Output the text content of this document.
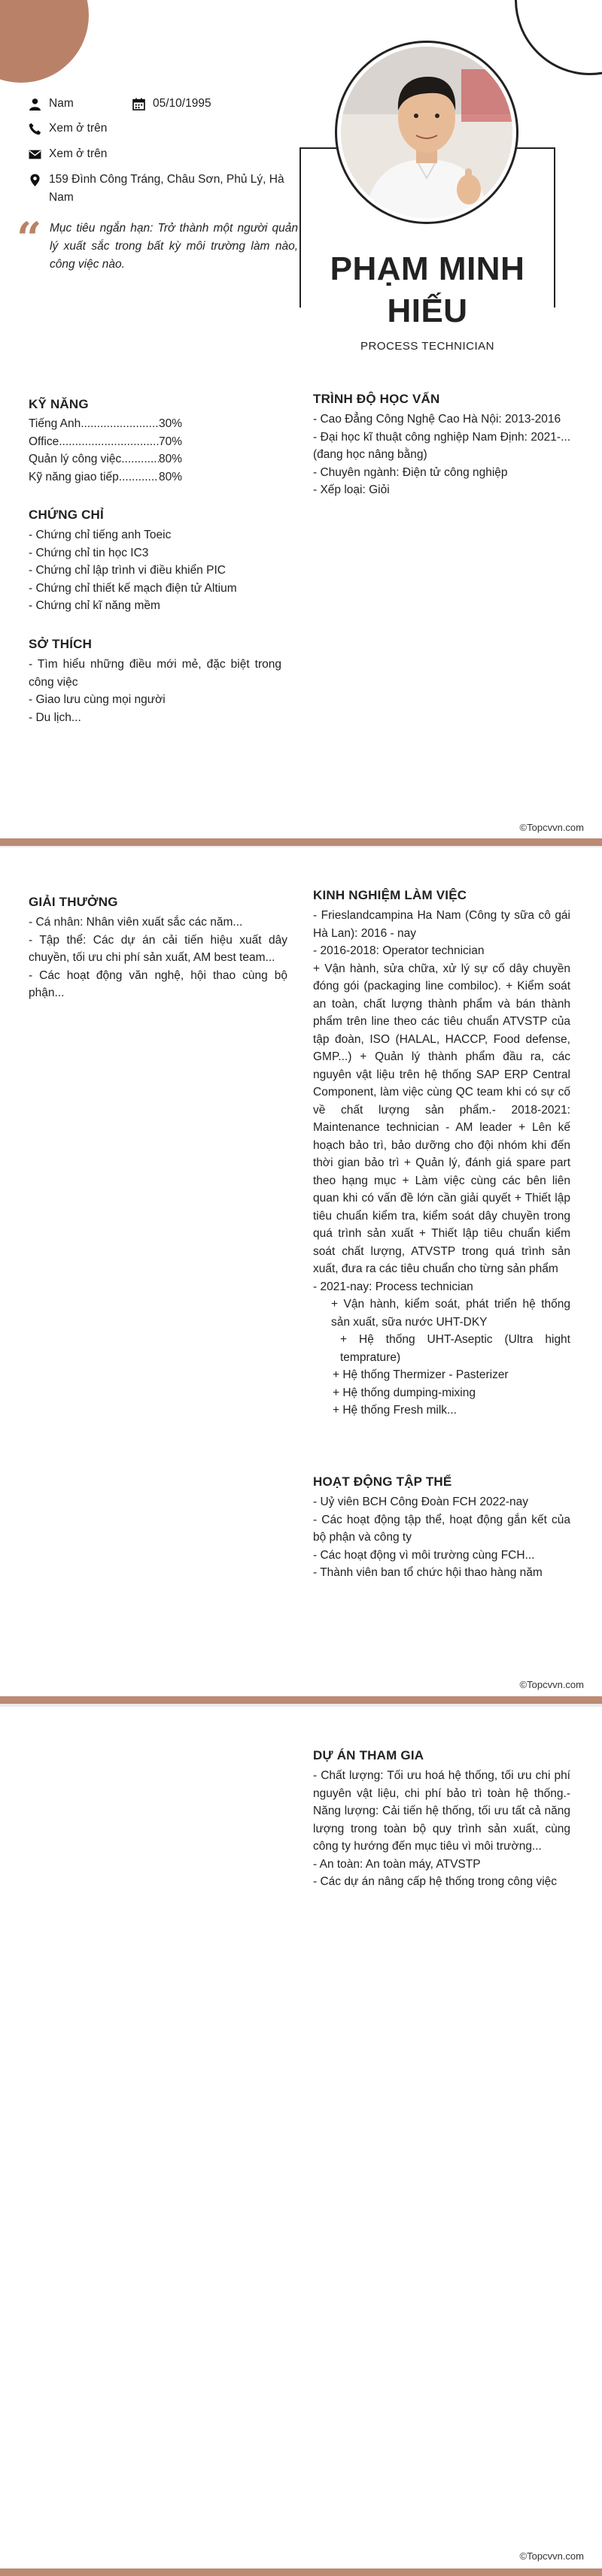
Nam	05/10/1995
Xem ở trên
Xem ở trên
159 Đình Công Tráng, Châu Sơn, Phủ Lý, Hà Nam
“ Mục tiêu ngắn hạn: Trở thành một người quản lý xuất sắc trong bất kỳ môi trường làm nào, công việc nào.	PHẠM MINH
HIẾU
PROCESS TECHNICIAN
KỸ NĂNG
Tiếng Anh .....	30%
Office .....	70%
Quản lý công việc .....	80%
Kỹ năng giao tiếp .....	80%
CHỨNG CHỈ

- Chứng chỉ tiếng anh Toeic

- Chứng chỉ tin học IC3

- Chứng chỉ lập trình vi điều khiển PIC

- Chứng chỉ thiết kế mạch điện tử Altium

- Chứng chỉ kĩ năng mềm

SỞ THÍCH

- Tìm hiểu những điều mới mẻ, đặc biệt trong công việc

- Giao lưu cùng mọi người

- Du lịch...

TRÌNH ĐỘ HỌC VẤN

- Cao Đẳng Công Nghệ Cao Hà Nội: 2013-2016

- Đại học kĩ thuật công nghiệp Nam Định: 2021-... (đang học nâng bằng)

- Chuyên ngành: Điện tử công nghiệp

- Xếp loại: Giỏi

©Topcvvn.com
GIẢI THƯỞNG

- Cá nhân: Nhân viên xuất sắc các năm...

- Tập thể: Các dự án cải tiến hiệu xuất dây chuyền, tối ưu chi phí sản xuất, AM best team...

- Các hoạt động văn nghệ, hội thao cùng bộ phận...

KINH NGHIỆM LÀM VIỆC

- Frieslandcampina Ha Nam (Công ty sữa cô gái Hà Lan): 2016 - nay

- 2016-2018: Operator technician

+ Vận hành, sửa chữa, xử lý sự cố dây chuyền đóng gói (packaging line combiloc). + Kiểm soát an toàn, chất lượng thành phẩm và bán thành phẩm trên line theo các tiêu chuẩn ATVSTP của tập đoàn, ISO (HALAL, HACCP, Food defense, GMP...) + Quản lý thành phẩm đầu ra, các nguyên vật liệu trên hệ thống SAP ERP Central Component, làm việc cùng QC team khi có sự cố về chất lượng sản phẩm.- 2018-2021: Maintenance technician - AM leader + Lên kế hoạch bảo trì, bảo dưỡng cho đội nhóm khi đến thời gian bảo trì + Quản lý, đánh giá spare part theo hạng mục + Làm việc cùng các bên liên quan khi có vấn đề lớn cần giải quyết + Thiết lập tiêu chuẩn kiểm tra, kiểm soát dây chuyền trong quá trình sản xuất + Thiết lập tiêu chuẩn kiểm soát chất lượng, ATVSTP trong quá trình sản xuất, đưa ra các tiêu chuẩn cho từng sản phẩm

- 2021-nay: Process technician

+ Vận hành, kiểm soát, phát triển hệ thống sản xuất, sữa nước UHT-DKY

+ Hệ thống UHT-Aseptic (Ultra hight temprature)

+ Hệ thống Thermizer - Pasterizer

+ Hệ thống dumping-mixing

+ Hệ thống Fresh milk...

HOẠT ĐỘNG TẬP THỂ

- Uỷ viên BCH Công Đoàn FCH 2022-nay

- Các hoạt động tập thể, hoạt động gắn kết của bộ phận và công ty

- Các hoạt động vì môi trường cùng FCH...

- Thành viên ban tổ chức hội thao hàng năm

©Topcvvn.com
DỰ ÁN THAM GIA

- Chất lượng: Tối ưu hoá hệ thống, tối ưu chi phí nguyên vật liệu, chi phí bảo trì toàn hệ thống.- Năng lượng: Cải tiến hệ thống, tối ưu tất cả năng lượng trong toàn bộ quy trình sản xuất, cùng công ty hướng đến mục tiêu vì môi trường...

- An toàn: An toàn máy, ATVSTP

- Các dự án nâng cấp hệ thống trong công việc

©Topcvvn.com
